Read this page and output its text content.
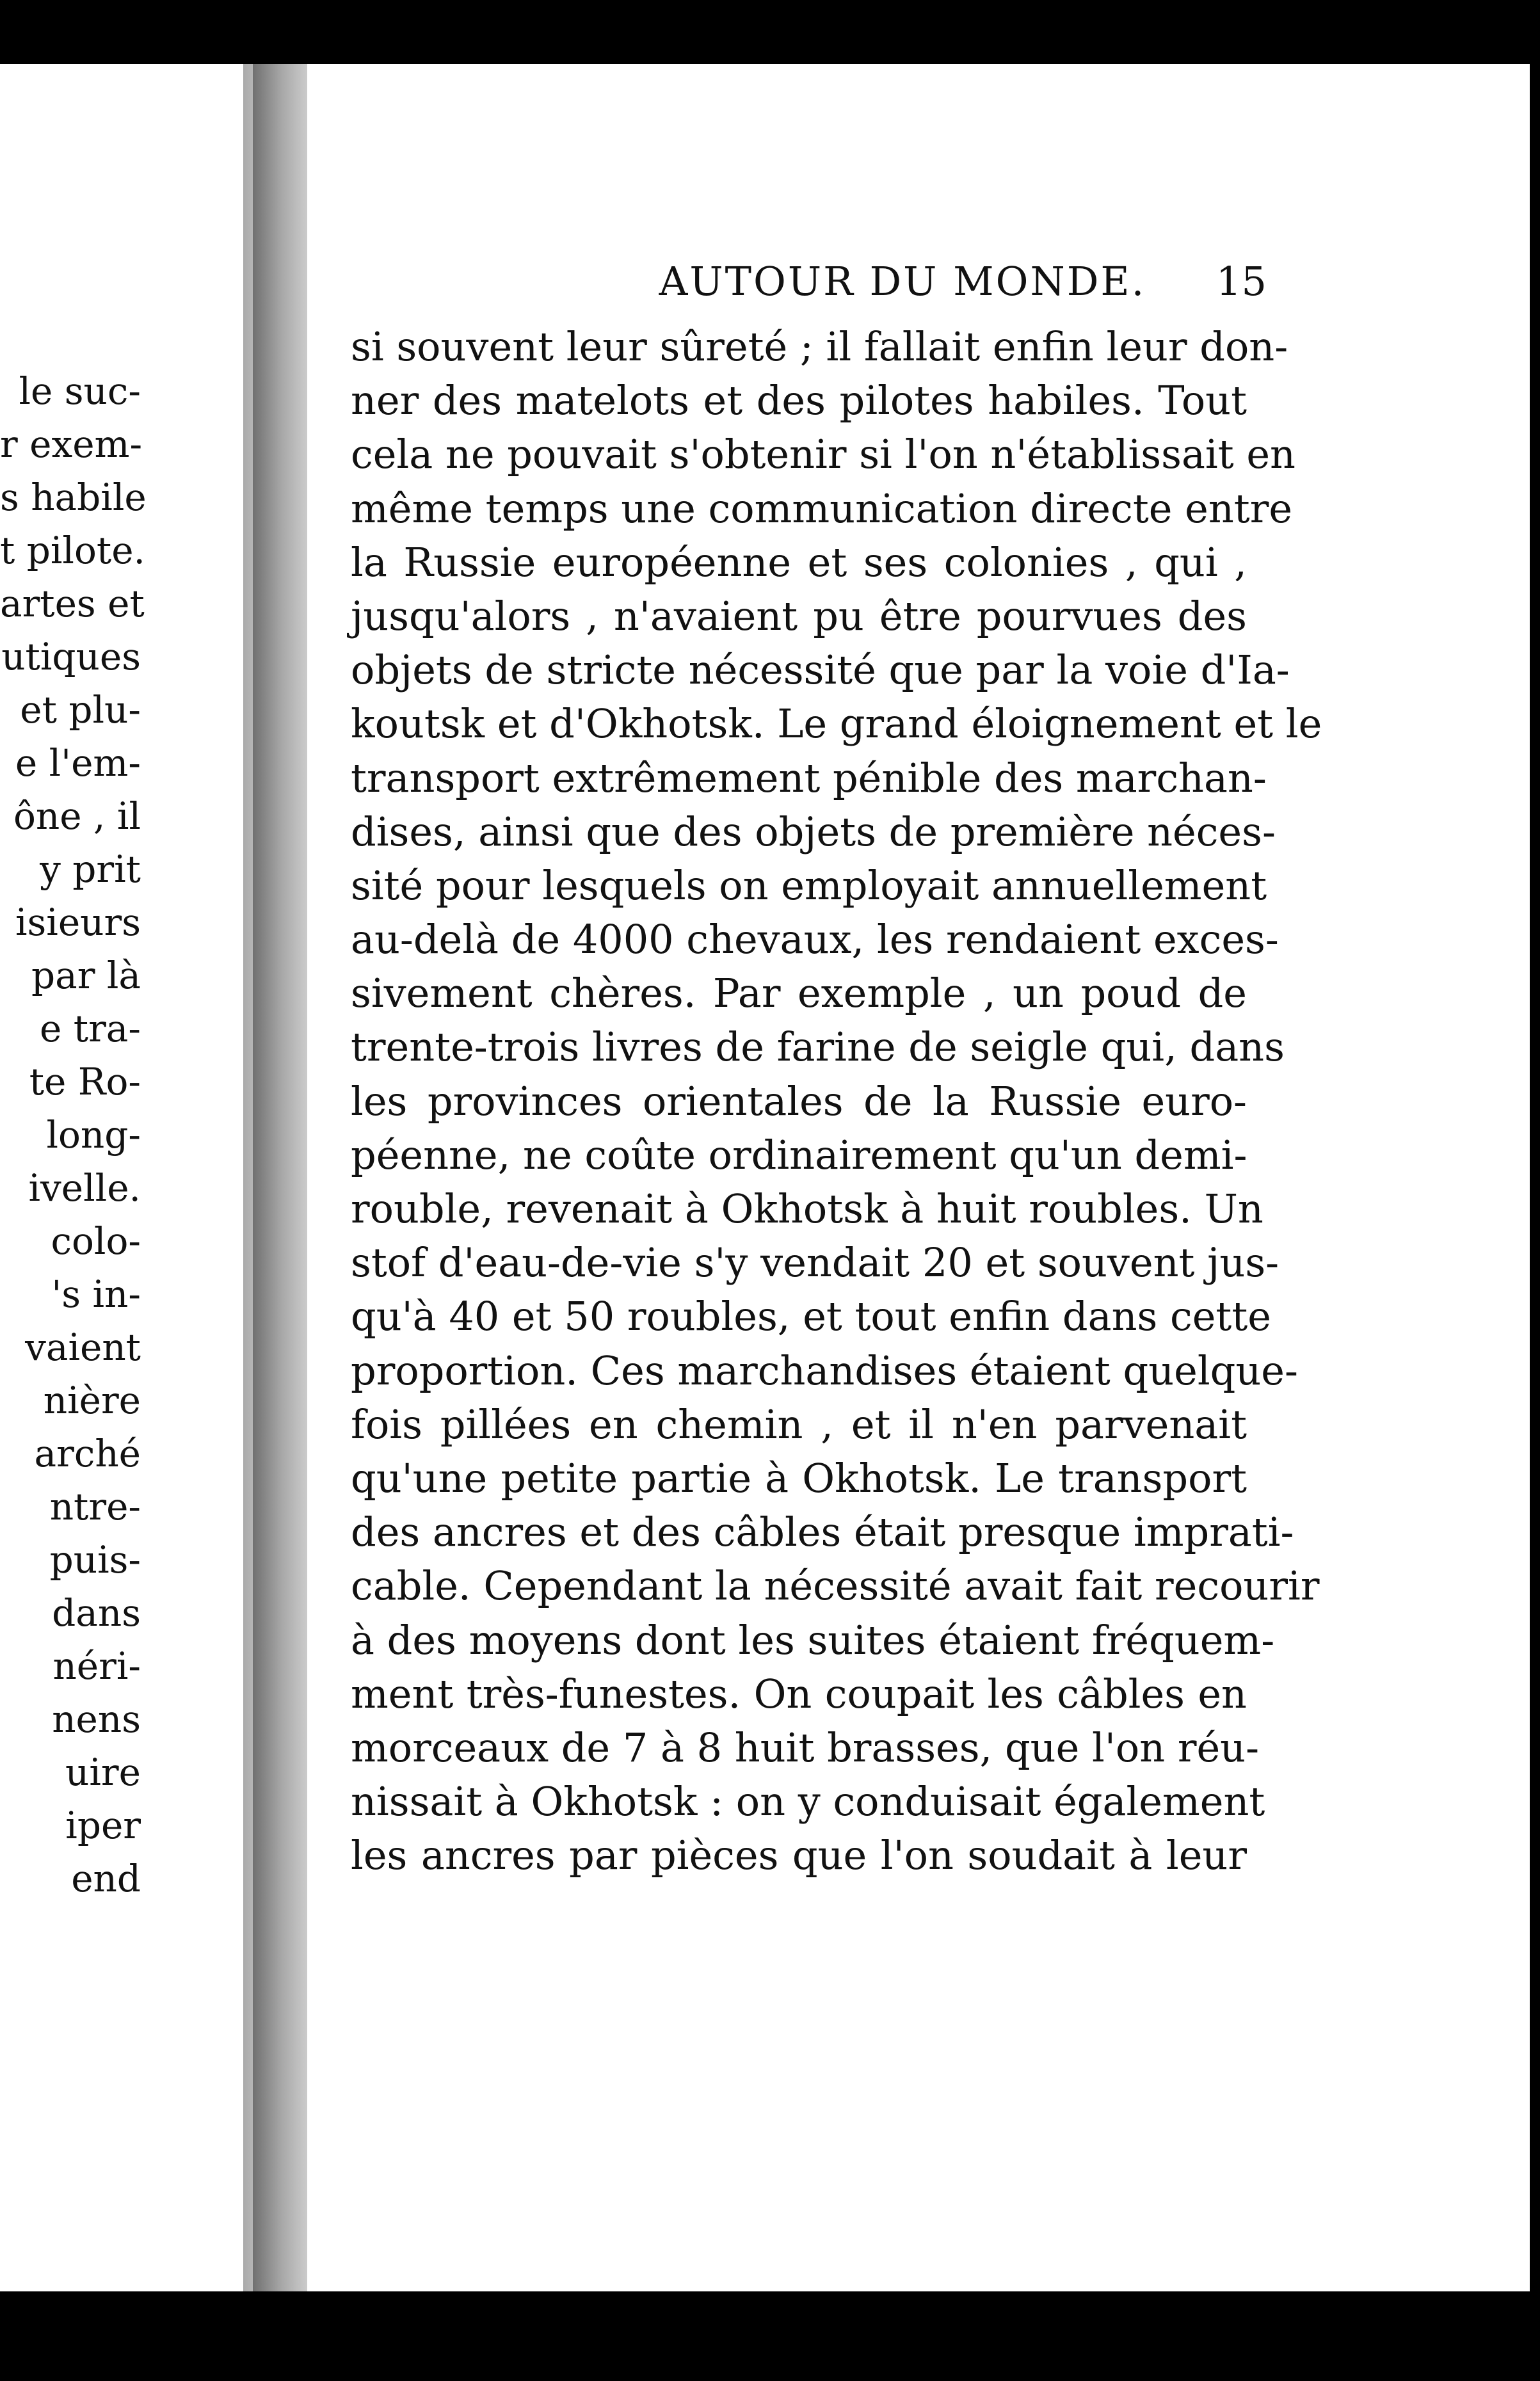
le suc-
r exem-
s habile
t pilote.
artes et
utiques
et plu-
e l'em-
ône , il
y prit
isieurs
par là
e tra-
te Ro-
long-
ivelle.
colo-
's in-
vaient
nière
arché
ntre-
puis-
dans
néri-
nens
uire
iper
end
AUTOUR DU MONDE.	15
si souvent leur sûreté ; il fallait enfin leur don-
ner des matelots et des pilotes habiles. Tout
cela ne pouvait s'obtenir si l'on n'établissait en
même temps une communication directe entre
la Russie européenne et ses colonies , qui ,
jusqu'alors , n'avaient pu être pourvues des
objets de stricte nécessité que par la voie d'Ia-
koutsk et d'Okhotsk. Le grand éloignement et le
transport extrêmement pénible des marchan-
dises, ainsi que des objets de première néces-
sité pour lesquels on employait annuellement
au-delà de 4000 chevaux, les rendaient exces-
sivement chères. Par exemple , un poud de
trente-trois livres de farine de seigle qui, dans
les provinces orientales de la Russie euro-
péenne, ne coûte ordinairement qu'un demi-
rouble, revenait à Okhotsk à huit roubles. Un
stof d'eau-de-vie s'y vendait 20 et souvent jus-
qu'à 40 et 50 roubles, et tout enfin dans cette
proportion. Ces marchandises étaient quelque-
fois pillées en chemin , et il n'en parvenait
qu'une petite partie à Okhotsk. Le transport
des ancres et des câbles était presque imprati-
cable. Cependant la nécessité avait fait recourir
à des moyens dont les suites étaient fréquem-
ment très-funestes. On coupait les câbles en
morceaux de 7 à 8 huit brasses, que l'on réu-
nissait à Okhotsk : on y conduisait également
les ancres par pièces que l'on soudait à leur
